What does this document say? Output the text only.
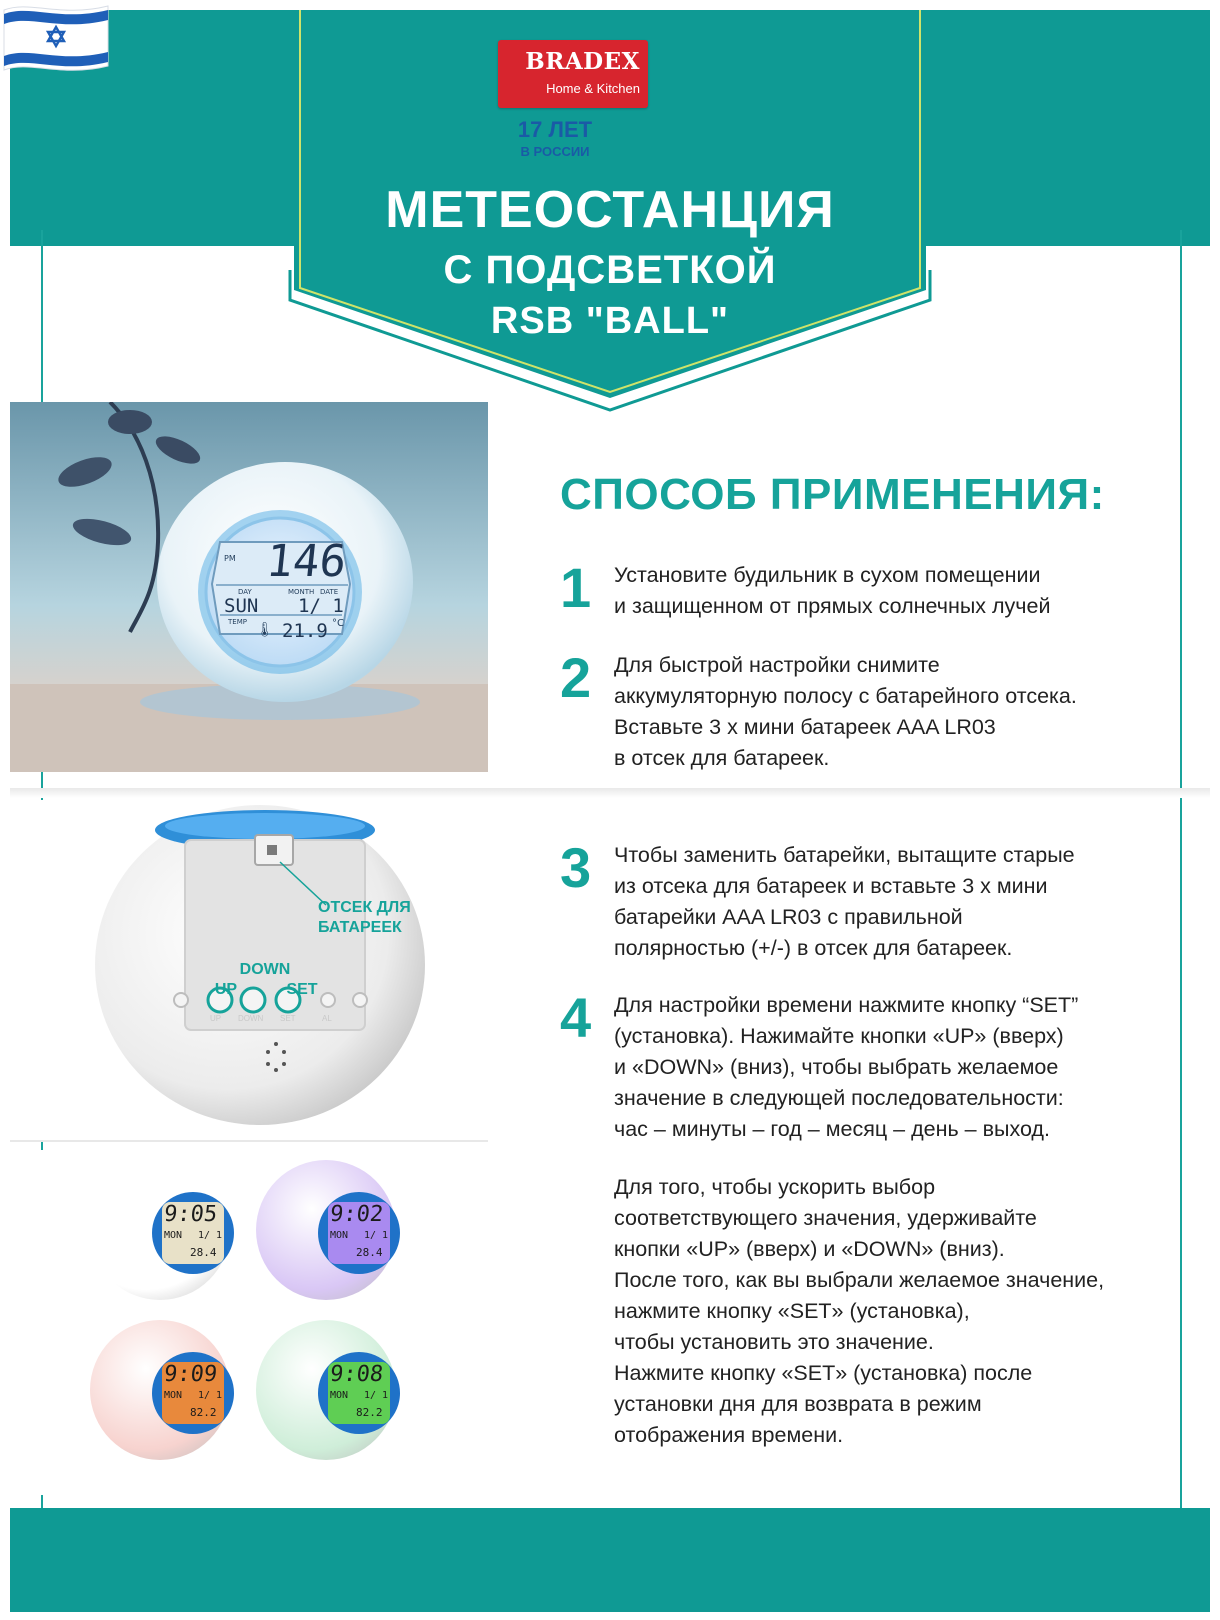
BRADEX
Home & Kitchen
17 ЛЕТ
В РОССИИ
МЕТЕОСТАНЦИЯ
С ПОДСВЕТКОЙ
RSB "BALL"
PM 146
DAY	MONTH DATE
SUN 1/ 1
TEMP 🌡 21.9 °C
UP DOWN SET	AL
ОТСЕК ДЛЯ
БАТАРЕЕК
DOWN
UP	SET
9:05
MON 1/ 1
28.4
9:02
MON 1/ 1
28.4
9:09
MON 1/ 1
82.2
9:08
MON 1/ 1
82.2
СПОСОБ ПРИМЕНЕНИЯ:
1	Установите будильник в сухом помещении
и защищенном от прямых солнечных лучей
2	Для быстрой настройки снимите
аккумуляторную полосу с батарейного отсека.
Вставьте 3 х мини батареек AAA LR03
в отсек для батареек.
3	Чтобы заменить батарейки, вытащите старые
из отсека для батареек и вставьте 3 х мини
батарейки AAA LR03 с правильной
полярностью (+/-) в отсек для батареек.
4	Для настройки времени нажмите кнопку “SET”
(установка). Нажимайте кнопки «UP» (вверх)
и «DOWN» (вниз), чтобы выбрать желаемое
значение в следующей последовательности:
час – минуты – год – месяц – день – выход.
Для того, чтобы ускорить выбор
соответствующего значения, удерживайте
кнопки «UP» (вверх) и «DOWN» (вниз).
После того, как вы выбрали желаемое значение,
нажмите кнопку «SET» (установка),
чтобы установить это значение.
Нажмите кнопку «SET» (установка) после
установки дня для возврата в режим
отображения времени.
